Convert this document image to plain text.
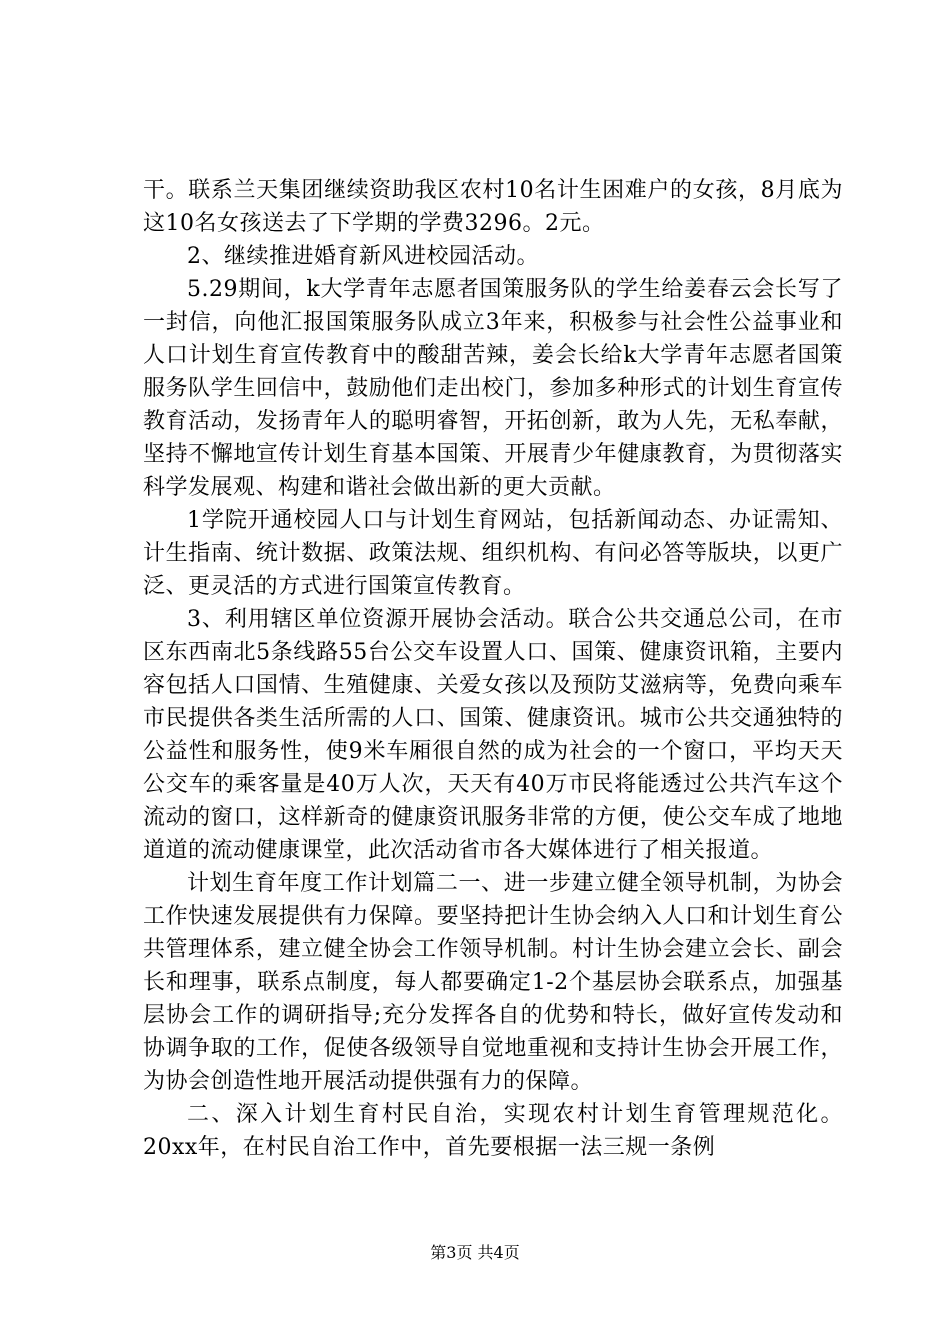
干。联系兰天集团继续资助我区农村10名计生困难户的女孩，8月底为这10名女孩送去了下学期的学费3296。2元。

2、继续推进婚育新风进校园活动。

5.29期间，k大学青年志愿者国策服务队的学生给姜春云会长写了一封信，向他汇报国策服务队成立3年来，积极参与社会性公益事业和人口计划生育宣传教育中的酸甜苦辣，姜会长给k大学青年志愿者国策服务队学生回信中，鼓励他们走出校门，参加多种形式的计划生育宣传教育活动，发扬青年人的聪明睿智，开拓创新，敢为人先，无私奉献，坚持不懈地宣传计划生育基本国策、开展青少年健康教育，为贯彻落实科学发展观、构建和谐社会做出新的更大贡献。

1学院开通校园人口与计划生育网站，包括新闻动态、办证需知、计生指南、统计数据、政策法规、组织机构、有问必答等版块，以更广泛、更灵活的方式进行国策宣传教育。

3、利用辖区单位资源开展协会活动。联合公共交通总公司，在市区东西南北5条线路55台公交车设置人口、国策、健康资讯箱，主要内容包括人口国情、生殖健康、关爱女孩以及预防艾滋病等，免费向乘车市民提供各类生活所需的人口、国策、健康资讯。城市公共交通独特的公益性和服务性，使9米车厢很自然的成为社会的一个窗口，平均天天公交车的乘客量是40万人次，天天有40万市民将能透过公共汽车这个流动的窗口，这样新奇的健康资讯服务非常的方便，使公交车成了地地道道的流动健康课堂，此次活动省市各大媒体进行了相关报道。

计划生育年度工作计划篇二一、进一步建立健全领导机制，为协会工作快速发展提供有力保障。要坚持把计生协会纳入人口和计划生育公共管理体系，建立健全协会工作领导机制。村计生协会建立会长、副会长和理事，联系点制度，每人都要确定1-2个基层协会联系点，加强基层协会工作的调研指导;充分发挥各自的优势和特长，做好宣传发动和协调争取的工作，促使各级领导自觉地重视和支持计生协会开展工作，为协会创造性地开展活动提供强有力的保障。

二、深入计划生育村民自治，实现农村计划生育管理规范化。20xx年，在村民自治工作中，首先要根据一法三规一条例

第3页 共4页
